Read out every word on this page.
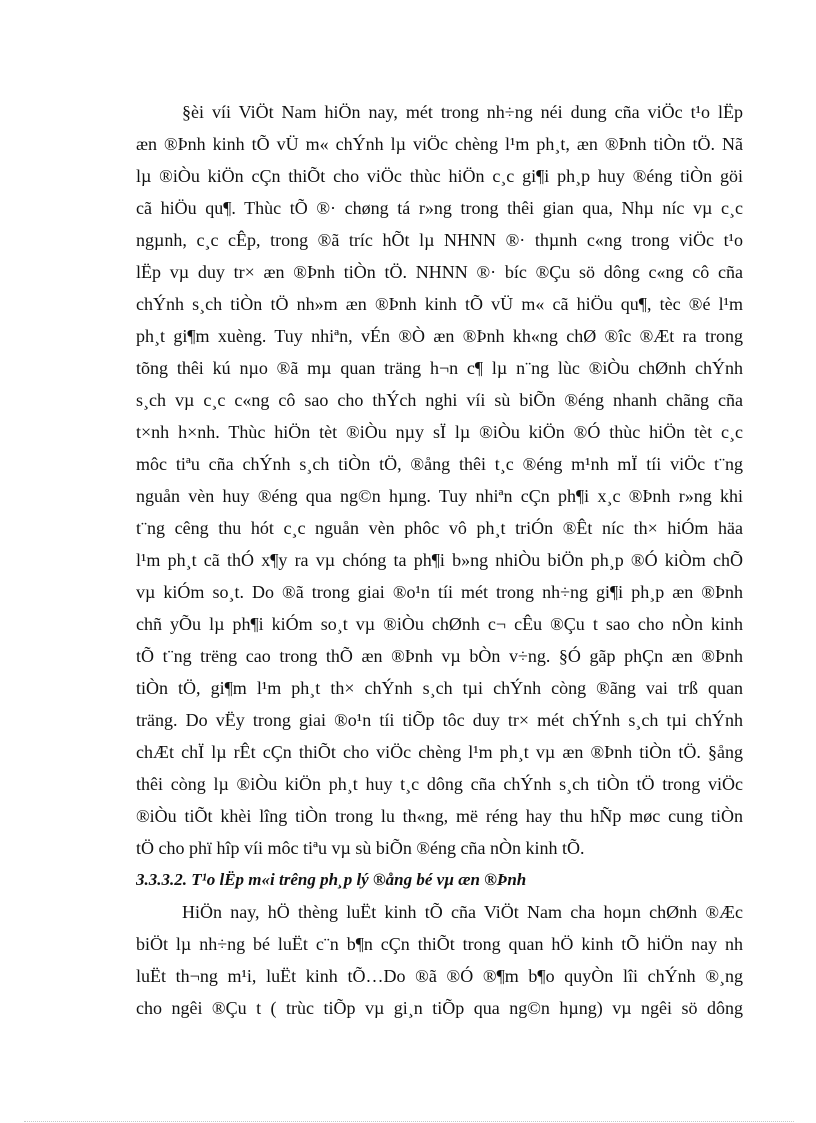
§èi víi ViÖt Nam hiÖn nay, mét trong nh÷ng néi dung cña viÖc t¹o lËp
æn ®Þnh kinh tÕ vÜ m« chÝnh lµ viÖc chèng l¹m ph¸t, æn ®Þnh tiÒn tÖ. Nã
lµ ®iÒu kiÖn cÇn thiÕt cho viÖc thùc hiÖn c¸c gi¶i ph¸p huy ®éng tiÒn göi
cã hiÖu qu¶. Thùc tÕ ®· chøng tá r»ng trong thêi gian qua, Nhµ níc vµ c¸c
ngµnh, c¸c cÊp, trong ®ã tríc hÕt lµ NHNN ®· thµnh c«ng trong viÖc t¹o
lËp vµ duy tr× æn ®Þnh tiÒn tÖ. NHNN ®· bíc ®Çu sö dông c«ng cô cña
chÝnh s¸ch tiÒn tÖ nh»m æn ®Þnh kinh tÕ vÜ m« cã hiÖu qu¶, tèc ®é l¹m
ph¸t gi¶m xuèng. Tuy nhiªn, vÉn ®Ò æn ®Þnh kh«ng chØ ®îc ®Æt ra trong
tõng thêi kú nµo ®ã mµ quan träng h¬n c¶ lµ n¨ng lùc ®iÒu chØnh chÝnh
s¸ch vµ c¸c c«ng cô sao cho thÝch nghi víi sù biÕn ®éng nhanh chãng cña
t×nh h×nh. Thùc hiÖn tèt ®iÒu nµy sÏ lµ ®iÒu kiÖn ®Ó thùc hiÖn tèt c¸c
môc tiªu cña chÝnh s¸ch tiÒn tÖ, ®ång thêi t¸c ®éng m¹nh mÏ tíi viÖc t¨ng
nguån vèn huy ®éng qua ng©n hµng. Tuy nhiªn cÇn ph¶i x¸c ®Þnh r»ng khi
t¨ng cêng thu hót c¸c nguån vèn phôc vô ph¸t triÓn ®Êt níc th× hiÓm häa
l¹m ph¸t cã thÓ x¶y ra vµ chóng ta ph¶i b»ng nhiÒu biÖn ph¸p ®Ó kiÒm chÕ
vµ kiÓm so¸t. Do ®ã trong giai ®o¹n tíi mét trong nh÷ng gi¶i ph¸p æn ®Þnh
chñ yÕu lµ ph¶i kiÓm so¸t vµ ®iÒu chØnh c¬ cÊu ®Çu t sao cho nÒn kinh
tÕ t¨ng trëng cao trong thÕ æn ®Þnh vµ bÒn v÷ng. §Ó gãp phÇn æn ®Þnh
tiÒn tÖ, gi¶m l¹m ph¸t th× chÝnh s¸ch tµi chÝnh còng ®ãng vai trß quan
träng. Do vËy trong giai ®o¹n tíi tiÕp tôc duy tr× mét chÝnh s¸ch tµi chÝnh
chÆt chÏ lµ rÊt cÇn thiÕt cho viÖc chèng l¹m ph¸t vµ æn ®Þnh tiÒn tÖ. §ång
thêi còng lµ ®iÒu kiÖn ph¸t huy t¸c dông cña chÝnh s¸ch tiÒn tÖ trong viÖc
®iÒu tiÕt khèi lîng tiÒn trong lu th«ng, më réng hay thu hÑp møc cung tiÒn
tÖ cho phï hîp víi môc tiªu vµ sù biÕn ®éng cña nÒn kinh tÕ.
3.3.3.2. T¹o lËp m«i trêng ph¸p lý ®ång bé vµ æn ®Þnh
HiÖn nay, hÖ thèng luËt kinh tÕ cña ViÖt Nam cha hoµn chØnh ®Æc
biÖt lµ nh÷ng bé luËt c¨n b¶n cÇn thiÕt trong quan hÖ kinh tÕ hiÖn nay nh
luËt th¬ng m¹i, luËt kinh tÕ…Do ®ã ®Ó ®¶m b¶o quyÒn lîi chÝnh ®¸ng
cho ngêi ®Çu t ( trùc tiÕp vµ gi¸n tiÕp qua ng©n hµng) vµ ngêi sö dông
